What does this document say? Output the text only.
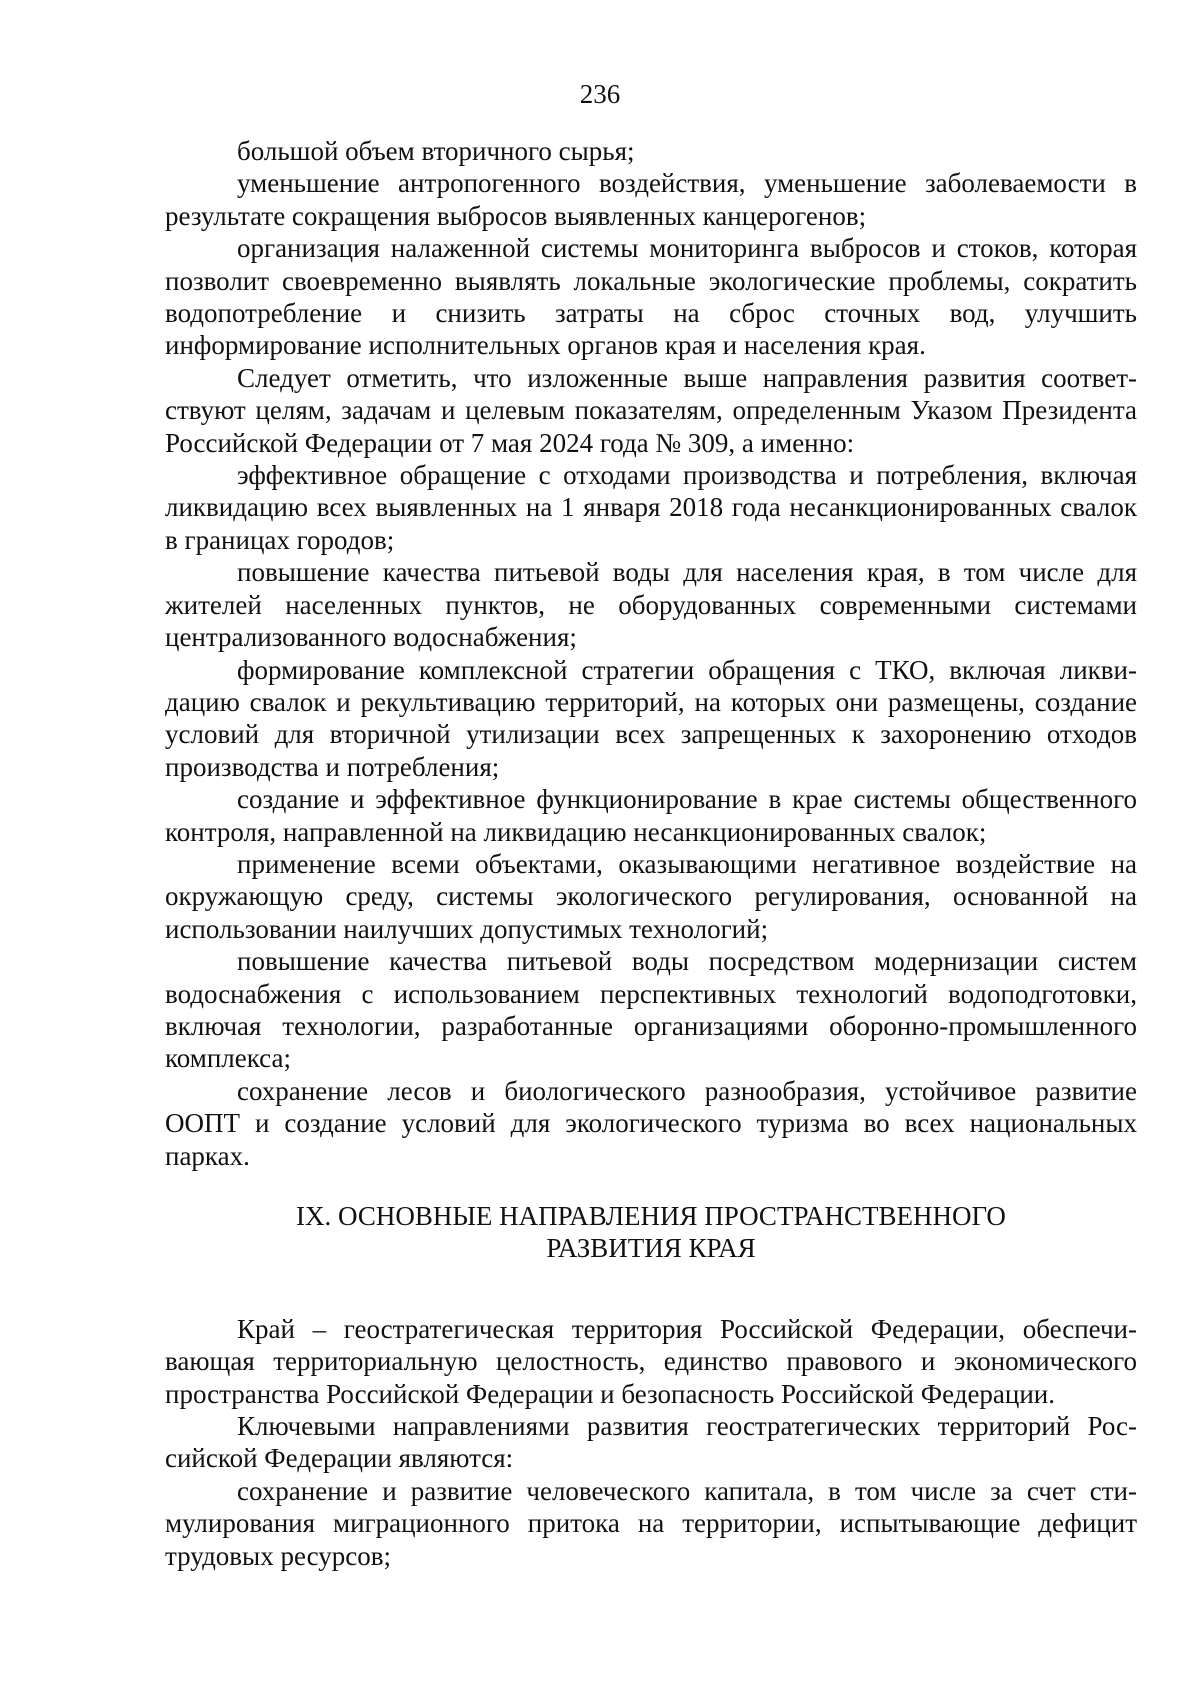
236

большой объем вторичного сырья;

уменьшение антропогенного воздействия, уменьшение заболеваемости в результате сокращения выбросов выявленных канцерогенов;

организация налаженной системы мониторинга выбросов и стоков, которая позволит своевременно выявлять локальные экологические проблемы, сократить водопотребление и снизить затраты на сброс сточных вод, улучшить информирование исполнительных органов края и населения края.

Следует отметить, что изложенные выше направления развития соответствуют целям, задачам и целевым показателям, определенным Указом Президента Российской Федерации от 7 мая 2024 года № 309, а именно:

эффективное обращение с отходами производства и потребления, включая ликвидацию всех выявленных на 1 января 2018 года несанкционированных свалок в границах городов;

повышение качества питьевой воды для населения края, в том числе для жителей населенных пунктов, не оборудованных современными системами централизованного водоснабжения;

формирование комплексной стратегии обращения с ТКО, включая ликвидацию свалок и рекультивацию территорий, на которых они размещены, создание условий для вторичной утилизации всех запрещенных к захоронению отходов производства и потребления;

создание и эффективное функционирование в крае системы общественного контроля, направленной на ликвидацию несанкционированных свалок;

применение всеми объектами, оказывающими негативное воздействие на окружающую среду, системы экологического регулирования, основанной на использовании наилучших допустимых технологий;

повышение качества питьевой воды посредством модернизации систем водоснабжения с использованием перспективных технологий водоподготовки, включая технологии, разработанные организациями оборонно-промышленного комплекса;

сохранение лесов и биологического разнообразия, устойчивое развитие ООПТ и создание условий для экологического туризма во всех национальных парках.

IX. ОСНОВНЫЕ НАПРАВЛЕНИЯ ПРОСТРАНСТВЕННОГО
РАЗВИТИЯ КРАЯ

Край – геостратегическая территория Российской Федерации, обеспечивающая территориальную целостность, единство правового и экономического пространства Российской Федерации и безопасность Российской Федерации.

Ключевыми направлениями развития геостратегических территорий Российской Федерации являются:

сохранение и развитие человеческого капитала, в том числе за счет стимулирования миграционного притока на территории, испытывающие дефицит трудовых ресурсов;
